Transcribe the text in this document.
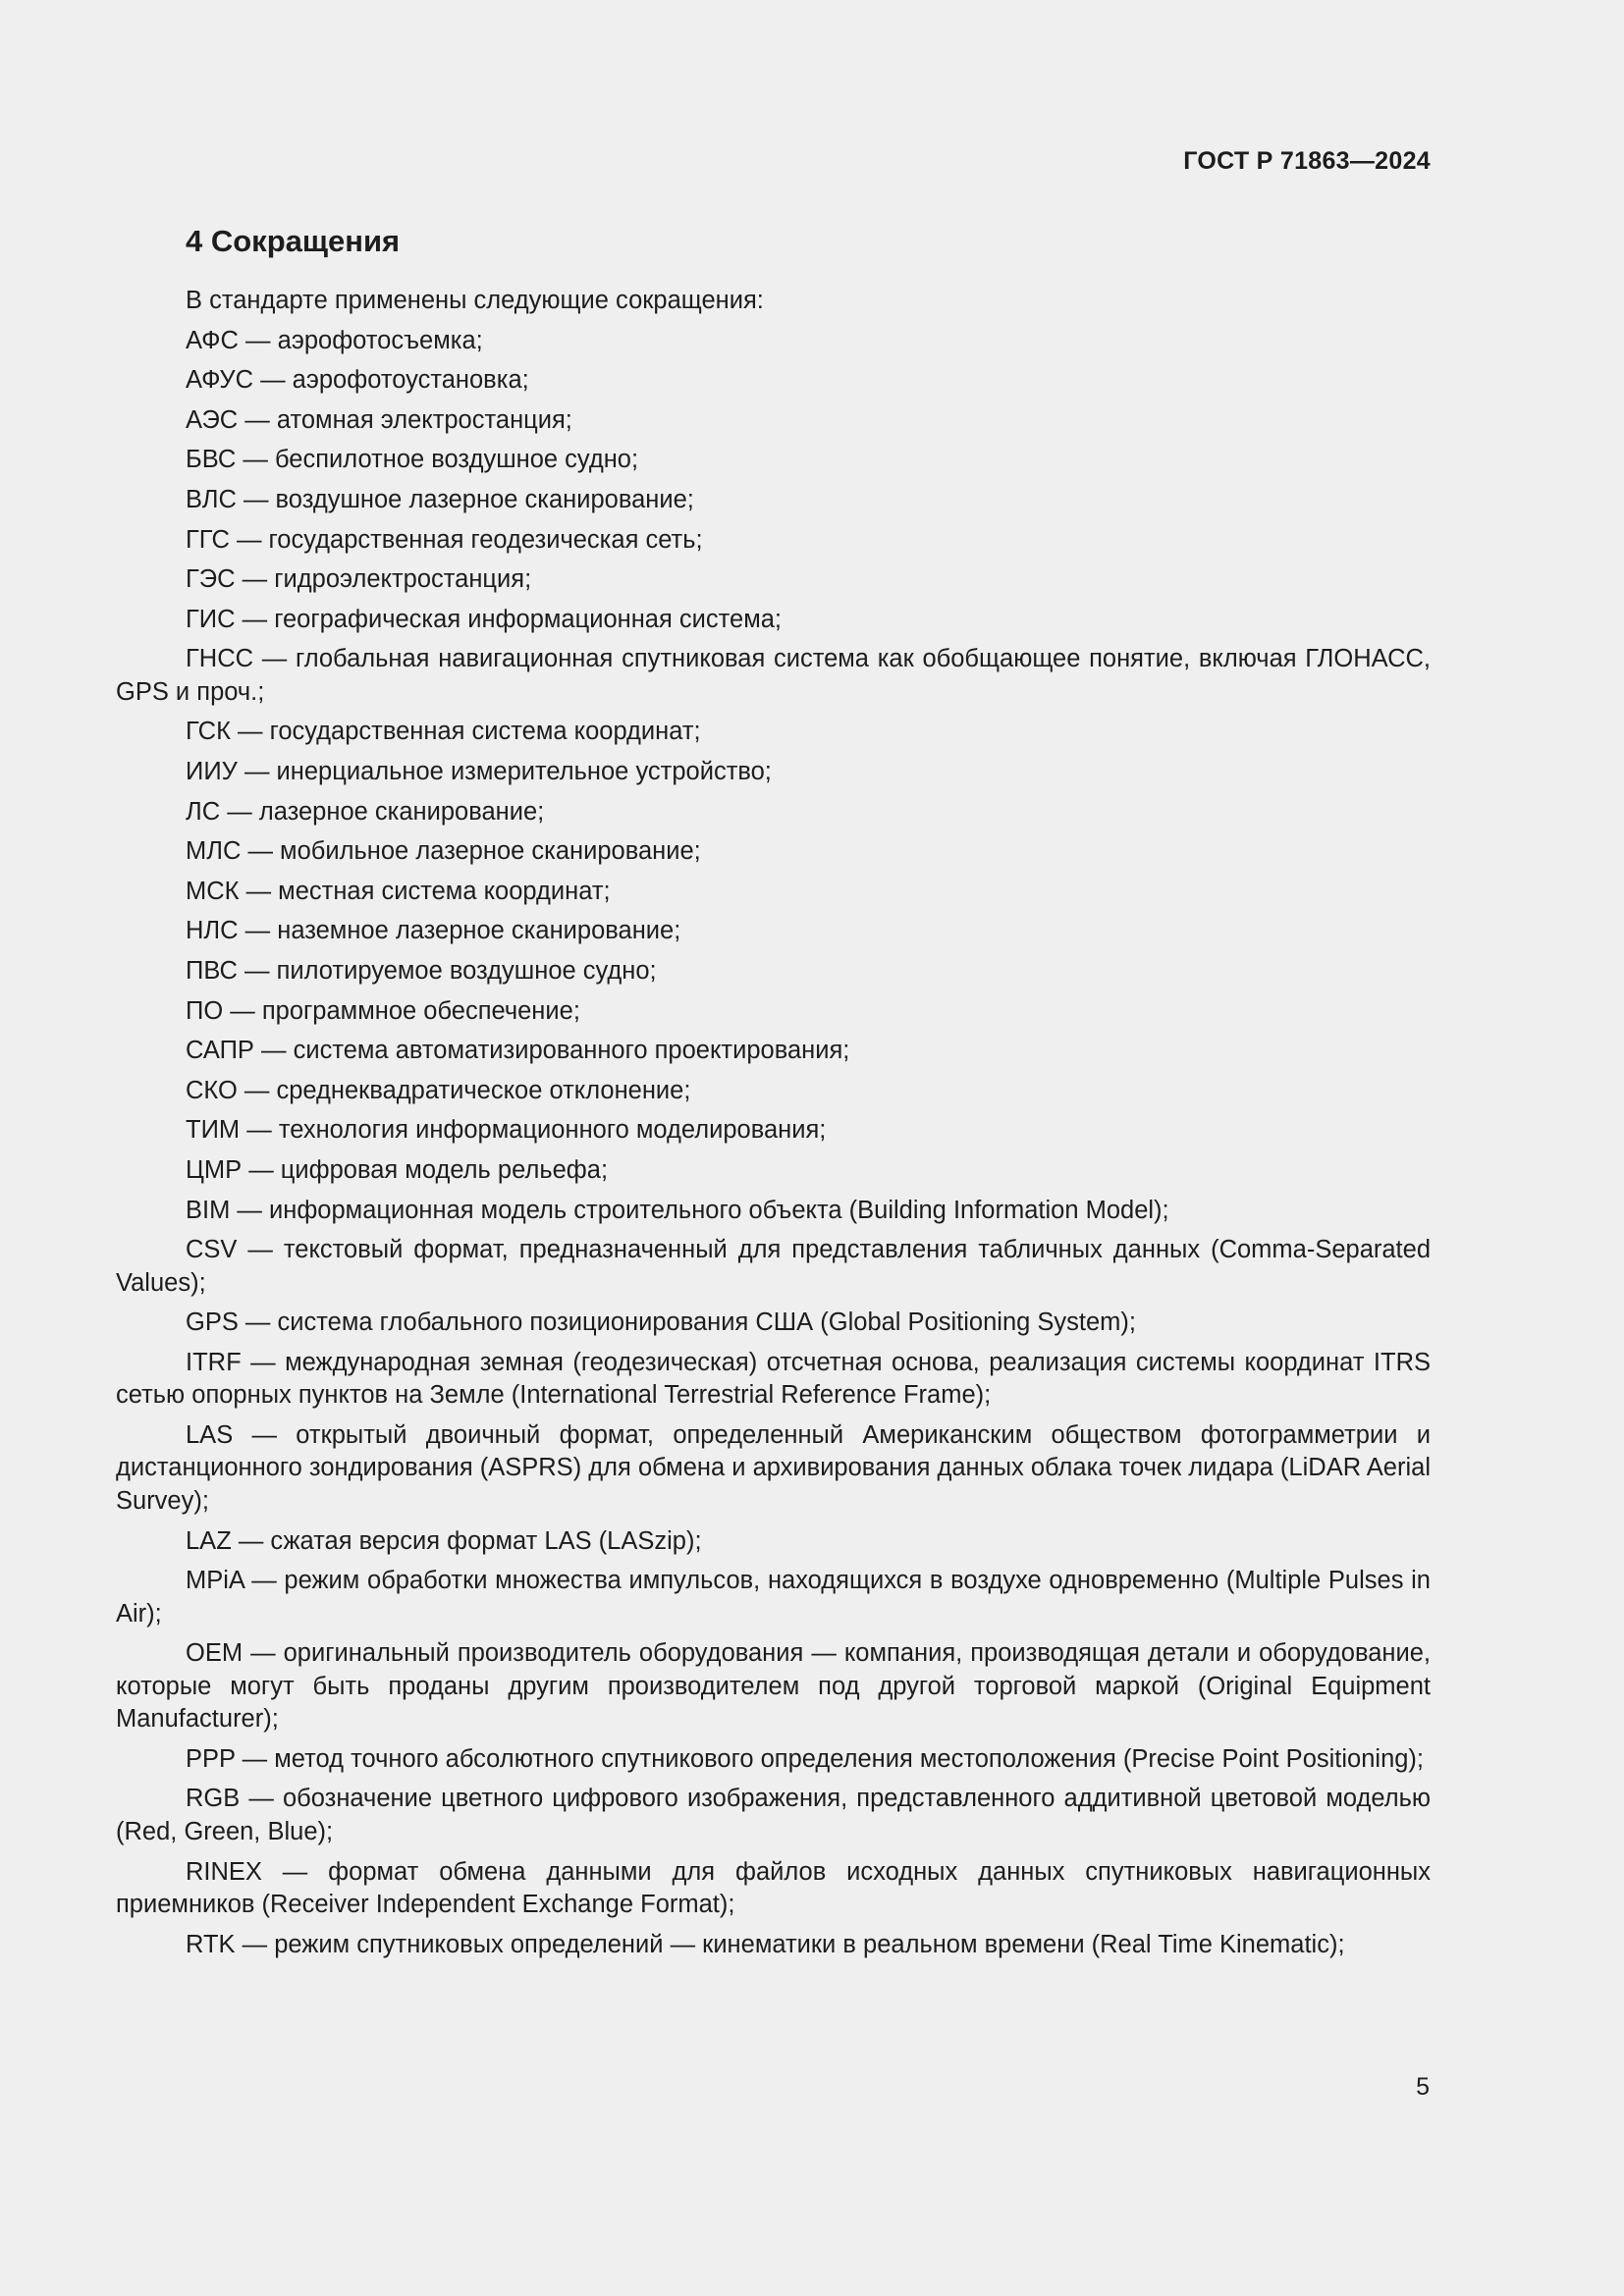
ГОСТ Р 71863—2024
4 Сокращения

В стандарте применены следующие сокращения:

АФС — аэрофотосъемка;

АФУС — аэрофотоустановка;

АЭС — атомная электростанция;

БВС — беспилотное воздушное судно;

ВЛС — воздушное лазерное сканирование;

ГГС — государственная геодезическая сеть;

ГЭС — гидроэлектростанция;

ГИС — географическая информационная система;

ГНСС — глобальная навигационная спутниковая система как обобщающее понятие, включая ГЛОНАСС, GPS и проч.;

ГСК — государственная система координат;

ИИУ — инерциальное измерительное устройство;

ЛС — лазерное сканирование;

МЛС — мобильное лазерное сканирование;

МСК — местная система координат;

НЛС — наземное лазерное сканирование;

ПВС — пилотируемое воздушное судно;

ПО — программное обеспечение;

САПР — система автоматизированного проектирования;

СКО — среднеквадратическое отклонение;

ТИМ — технология информационного моделирования;

ЦМР — цифровая модель рельефа;

BIM — информационная модель строительного объекта (Building Information Model);

CSV — текстовый формат, предназначенный для представления табличных данных (Comma-Separated Values);

GPS — система глобального позиционирования США (Global Positioning System);

ITRF — международная земная (геодезическая) отсчетная основа, реализация системы координат ITRS сетью опорных пунктов на Земле (International Terrestrial Reference Frame);

LAS — открытый двоичный формат, определенный Американским обществом фотограмметрии и дистанционного зондирования (ASPRS) для обмена и архивирования данных облака точек лидара (LiDAR Aerial Survey);

LAZ — сжатая версия формат LAS (LASzip);

MPiA — режим обработки множества импульсов, находящихся в воздухе одновременно (Multiple Pulses in Air);

OEM — оригинальный производитель оборудования — компания, производящая детали и оборудование, которые могут быть проданы другим производителем под другой торговой маркой (Original Equipment Manufacturer);

PPP — метод точного абсолютного спутникового определения местоположения (Precise Point Positioning);

RGB — обозначение цветного цифрового изображения, представленного аддитивной цветовой моделью (Red, Green, Blue);

RINEX — формат обмена данными для файлов исходных данных спутниковых навигационных приемников (Receiver Independent Exchange Format);

RTK — режим спутниковых определений — кинематики в реальном времени (Real Time Kinematic);

5
